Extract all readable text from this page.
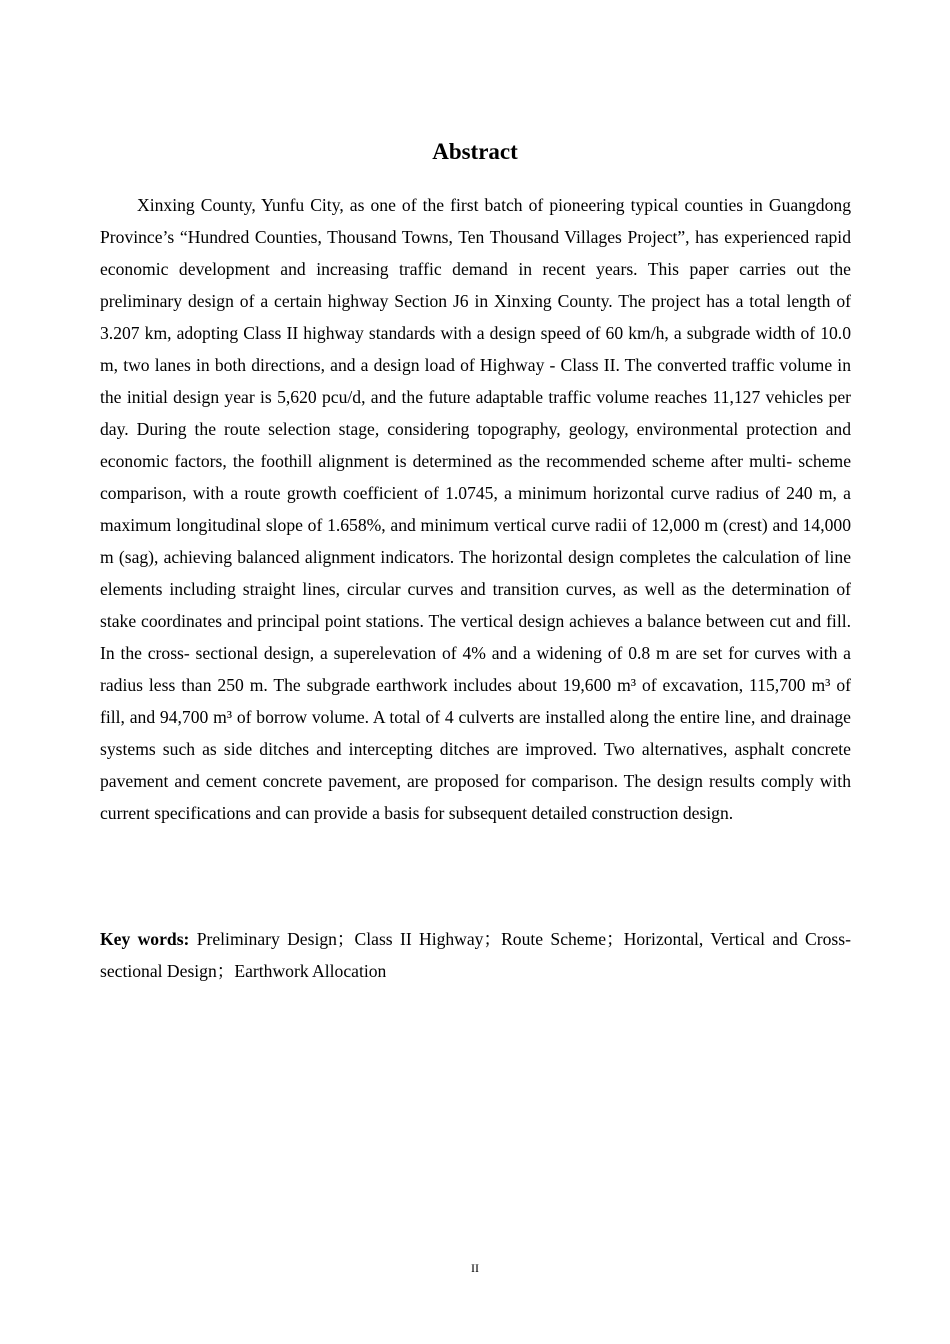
Abstract

Xinxing County, Yunfu City, as one of the first batch of pioneering typical counties in Guangdong Province’s “Hundred Counties, Thousand Towns, Ten Thousand Villages Project”, has experienced rapid economic development and increasing traffic demand in recent years. This paper carries out the preliminary design of a certain highway Section J6 in Xinxing County. The project has a total length of 3.207 km, adopting Class II highway standards with a design speed of 60 km/h, a subgrade width of 10.0 m, two lanes in both directions, and a design load of Highway - Class II. The converted traffic volume in the initial design year is 5,620 pcu/d, and the future adaptable traffic volume reaches 11,127 vehicles per day. During the route selection stage, considering topography, geology, environmental protection and economic factors, the foothill alignment is determined as the recommended scheme after multi- scheme comparison, with a route growth coefficient of 1.0745, a minimum horizontal curve radius of 240 m, a maximum longitudinal slope of 1.658%, and minimum vertical curve radii of 12,000 m (crest) and 14,000 m (sag), achieving balanced alignment indicators. The horizontal design completes the calculation of line elements including straight lines, circular curves and transition curves, as well as the determination of stake coordinates and principal point stations. The vertical design achieves a balance between cut and fill. In the cross- sectional design, a superelevation of 4% and a widening of 0.8 m are set for curves with a radius less than 250 m. The subgrade earthwork includes about 19,600 m³ of excavation, 115,700 m³ of fill, and 94,700 m³ of borrow volume. A total of 4 culverts are installed along the entire line, and drainage systems such as side ditches and intercepting ditches are improved. Two alternatives, asphalt concrete pavement and cement concrete pavement, are proposed for comparison. The design results comply with current specifications and can provide a basis for subsequent detailed construction design.

Key words: Preliminary Design；Class II Highway；Route Scheme；Horizontal, Vertical and Cross-sectional Design；Earthwork Allocation

II
